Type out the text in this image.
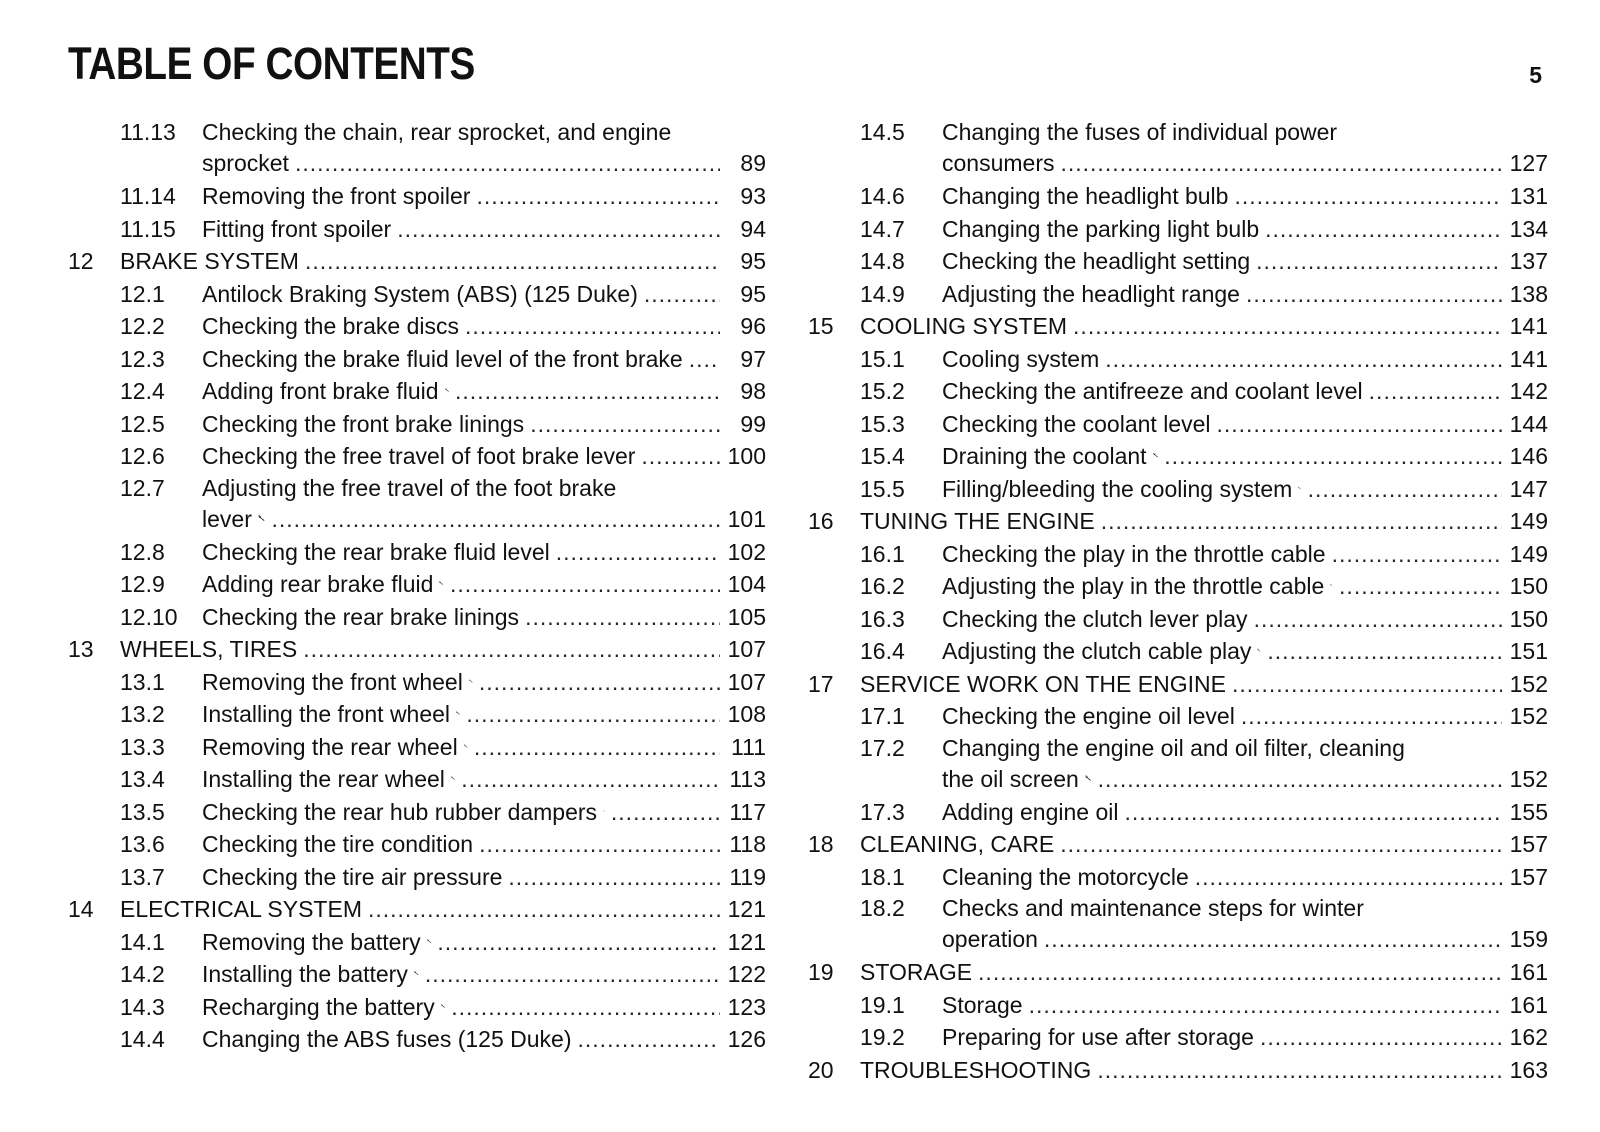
TABLE OF CONTENTS	5
11.13	Checking the chain, rear sprocket, and engine
sprocket .....	89
11.14	Removing the front spoiler .....	93
11.15	Fitting front spoiler .....	94
12	BRAKE SYSTEM .....	95
12.1	Antilock Braking System (ABS) (125 Duke) .....	95
12.2	Checking the brake discs .....	96
12.3	Checking the brake fluid level of the front brake .....	97
12.4	Adding front brake fluid .....	98
12.5	Checking the front brake linings .....	99
12.6	Checking the free travel of foot brake lever .....	100
12.7	Adjusting the free travel of the foot brake
lever .....	101
12.8	Checking the rear brake fluid level .....	102
12.9	Adding rear brake fluid .....	104
12.10	Checking the rear brake linings .....	105
13	WHEELS, TIRES .....	107
13.1	Removing the front wheel .....	107
13.2	Installing the front wheel .....	108
13.3	Removing the rear wheel .....	111
13.4	Installing the rear wheel .....	113
13.5	Checking the rear hub rubber dampers .....	117
13.6	Checking the tire condition .....	118
13.7	Checking the tire air pressure .....	119
14	ELECTRICAL SYSTEM .....	121
14.1	Removing the battery .....	121
14.2	Installing the battery .....	122
14.3	Recharging the battery .....	123
14.4	Changing the ABS fuses (125 Duke) .....	126
14.5	Changing the fuses of individual power
consumers .....	127
14.6	Changing the headlight bulb .....	131
14.7	Changing the parking light bulb .....	134
14.8	Checking the headlight setting .....	137
14.9	Adjusting the headlight range .....	138
15	COOLING SYSTEM .....	141
15.1	Cooling system .....	141
15.2	Checking the antifreeze and coolant level .....	142
15.3	Checking the coolant level .....	144
15.4	Draining the coolant .....	146
15.5	Filling/bleeding the cooling system .....	147
16	TUNING THE ENGINE .....	149
16.1	Checking the play in the throttle cable .....	149
16.2	Adjusting the play in the throttle cable .....	150
16.3	Checking the clutch lever play .....	150
16.4	Adjusting the clutch cable play .....	151
17	SERVICE WORK ON THE ENGINE .....	152
17.1	Checking the engine oil level .....	152
17.2	Changing the engine oil and oil filter, cleaning
the oil screen .....	152
17.3	Adding engine oil .....	155
18	CLEANING, CARE .....	157
18.1	Cleaning the motorcycle .....	157
18.2	Checks and maintenance steps for winter
operation .....	159
19	STORAGE .....	161
19.1	Storage .....	161
19.2	Preparing for use after storage .....	162
20	TROUBLESHOOTING .....	163
